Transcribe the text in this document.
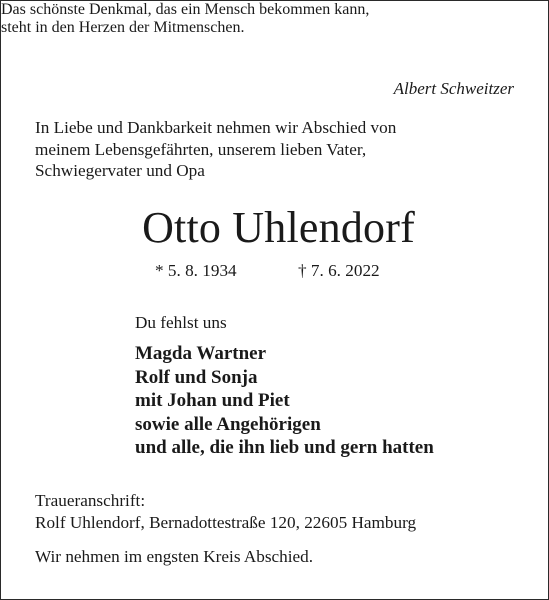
Das schönste Denkmal, das ein Mensch bekommen kann,
steht in den Herzen der Mitmenschen.
Albert Schweitzer
In Liebe und Dankbarkeit nehmen wir Abschied von
meinem Lebensgefährten, unserem lieben Vater,
Schwiegervater und Opa
Otto Uhlendorf
* 5. 8. 1934	† 7. 6. 2022
Du fehlst uns
Magda Wartner
Rolf und Sonja
mit Johan und Piet
sowie alle Angehörigen
und alle, die ihn lieb und gern hatten
Traueranschrift:
Rolf Uhlendorf, Bernadottestraße 120, 22605 Hamburg
Wir nehmen im engsten Kreis Abschied.
